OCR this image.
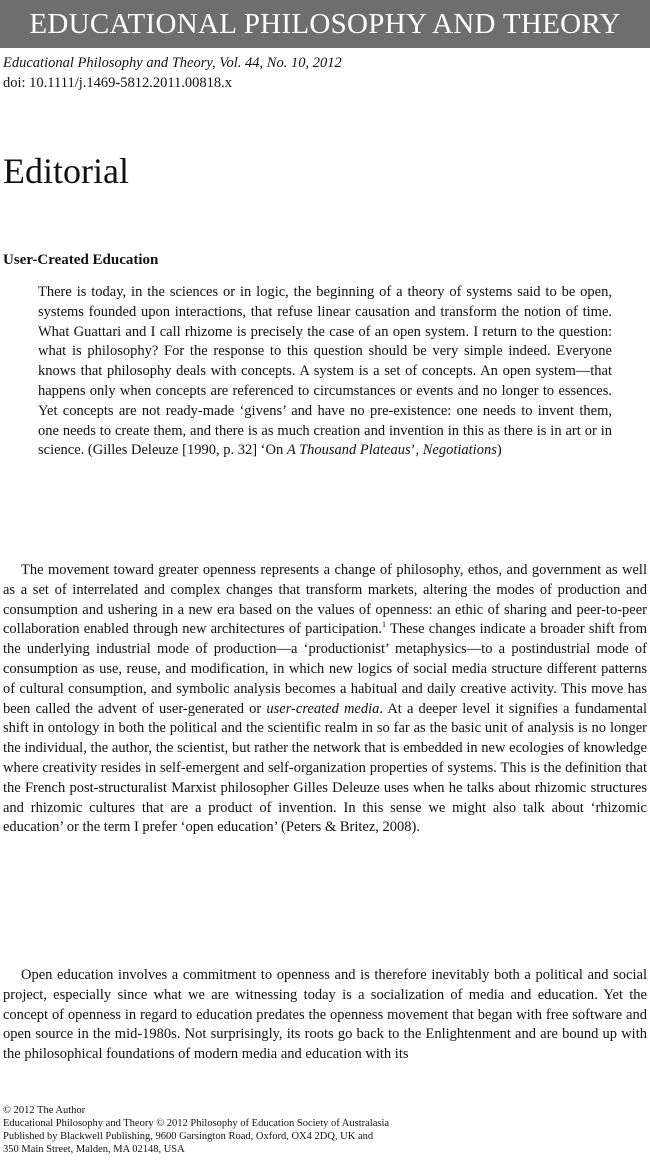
EDUCATIONAL PHILOSOPHY AND THEORY
Educational Philosophy and Theory, Vol. 44, No. 10, 2012
doi: 10.1111/j.1469-5812.2011.00818.x
Editorial
User-Created Education

There is today, in the sciences or in logic, the beginning of a theory of systems said to be open, systems founded upon interactions, that refuse linear causation and transform the notion of time. What Guattari and I call rhizome is precisely the case of an open system. I return to the question: what is philosophy? For the response to this question should be very simple indeed. Everyone knows that philosophy deals with concepts. A system is a set of concepts. An open system—that happens only when concepts are referenced to circumstances or events and no longer to essences. Yet concepts are not ready-made ‘givens’ and have no pre-existence: one needs to invent them, one needs to create them, and there is as much creation and invention in this as there is in art or in science. (Gilles Deleuze [1990, p. 32] ‘On A Thousand Plateaus’, Negotiations)

The movement toward greater openness represents a change of philosophy, ethos, and government as well as a set of interrelated and complex changes that transform markets, altering the modes of production and consumption and ushering in a new era based on the values of openness: an ethic of sharing and peer-to-peer collaboration enabled through new architectures of participation.$^1$ These changes indicate a broader shift from the underlying industrial mode of production—a ‘productionist’ metaphysics—to a postindustrial mode of consumption as use, reuse, and modification, in which new logics of social media structure different patterns of cultural consumption, and symbolic analysis becomes a habitual and daily creative activity. This move has been called the advent of user-generated or user-created media. At a deeper level it signifies a fundamental shift in ontology in both the political and the scientific realm in so far as the basic unit of analysis is no longer the individual, the author, the scientist, but rather the network that is embedded in new ecologies of knowledge where creativity resides in self-emergent and self-organization properties of systems. This is the definition that the French post-structuralist Marxist philosopher Gilles Deleuze uses when he talks about rhizomic structures and rhizomic cultures that are a product of invention. In this sense we might also talk about ‘rhizomic education’ or the term I prefer ‘open education’ (Peters & Britez, 2008).

Open education involves a commitment to openness and is therefore inevitably both a political and social project, especially since what we are witnessing today is a socialization of media and education. Yet the concept of openness in regard to education predates the openness movement that began with free software and open source in the mid-1980s. Not surprisingly, its roots go back to the Enlightenment and are bound up with the philosophical foundations of modern media and education with its

© 2012 The Author
Educational Philosophy and Theory © 2012 Philosophy of Education Society of Australasia
Published by Blackwell Publishing, 9600 Garsington Road, Oxford, OX4 2DQ, UK and
350 Main Street, Malden, MA 02148, USA
